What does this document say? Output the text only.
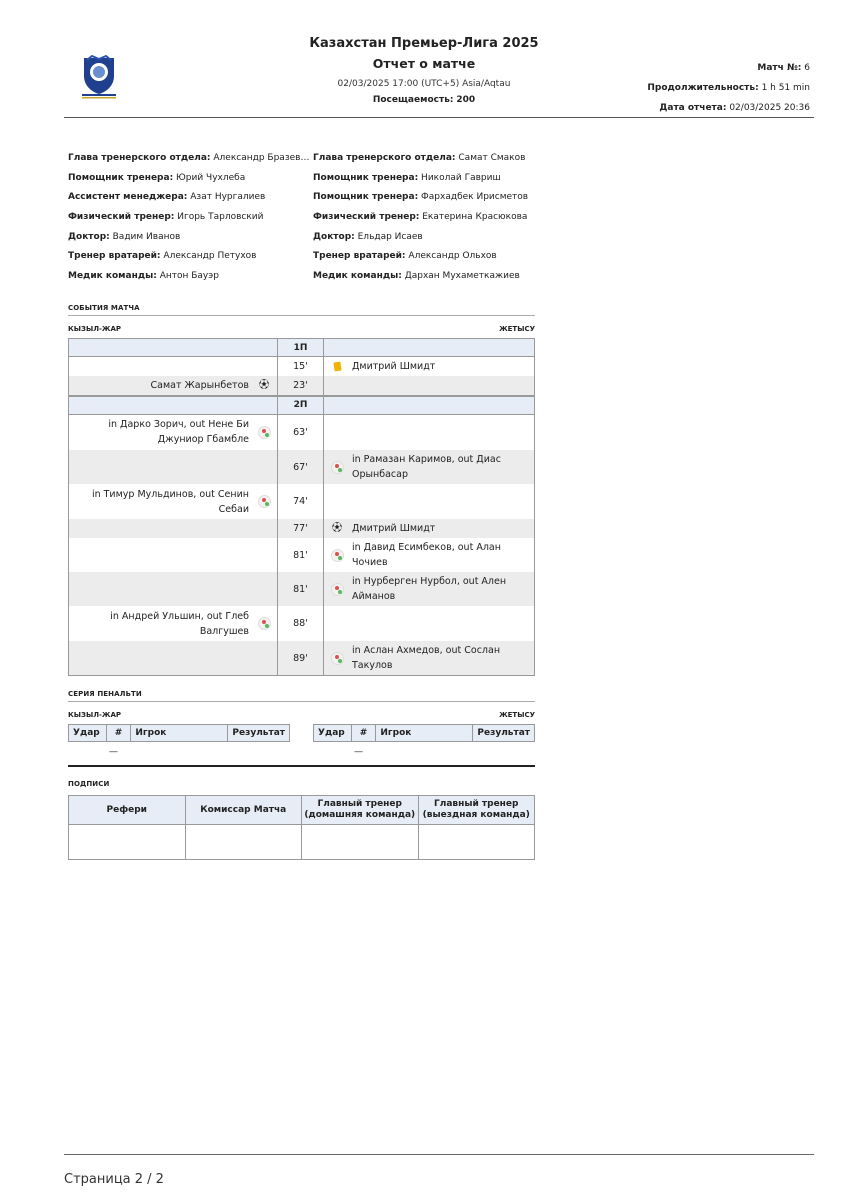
Казахстан Премьер-Лига 2025
Отчет о матче
02/03/2025 17:00 (UTC+5) Asia/Aqtau
Посещаемость: 200
Матч №: 6
Продолжительность: 1 h 51 min
Дата отчета: 02/03/2025 20:36
Глава тренерского отдела: Александр Бразев…
Помощник тренера: Юрий Чухлеба
Ассистент менеджера: Азат Нургалиев
Физический тренер: Игорь Тарловский
Доктор: Вадим Иванов
Тренер вратарей: Александр Петухов
Медик команды: Антон Бауэр
Глава тренерского отдела: Самат Смаков
Помощник тренера: Николай Гавриш
Помощник тренера: Фархадбек Ирисметов
Физический тренер: Екатерина Красюкова
Доктор: Ельдар Исаев
Тренер вратарей: Александр Ольхов
Медик команды: Дархан Мухаметкажиев
СОБЫТИЯ МАТЧА
КЫЗЫЛ-ЖАР	ЖЕТЫСУ
	1П	
	15'	Дмитрий Шмидт

Самат Жарынбетов ⚽︎	23'	
	2П	

in Дарко Зорич, out Нене Би Джуниор Гбамбле	63'	
	67'	in Рамазан Каримов, out Диас Орынбасар

in Тимур Мульдинов, out Сенин Себаи	74'	
	77'	⚽︎ Дмитрий Шмидт

	81'	in Давид Есимбеков, out Алан Чочиев

	81'	in Нурберген Нурбол, out Ален Айманов

in Андрей Ульшин, out Глеб Валгушев	88'	
	89'	in Аслан Ахмедов, out Сослан Такулов
СЕРИЯ ПЕНАЛЬТИ
КЫЗЫЛ-ЖАР	ЖЕТЫСУ
Удар	#	Игрок	Результат	Удар	#	Игрок	Результат
—	—
ПОДПИСИ
Рефери	Комиссар Матча	Главный тренер
(домашняя команда)	Главный тренер
(выездная команда)

Страница 2 / 2
